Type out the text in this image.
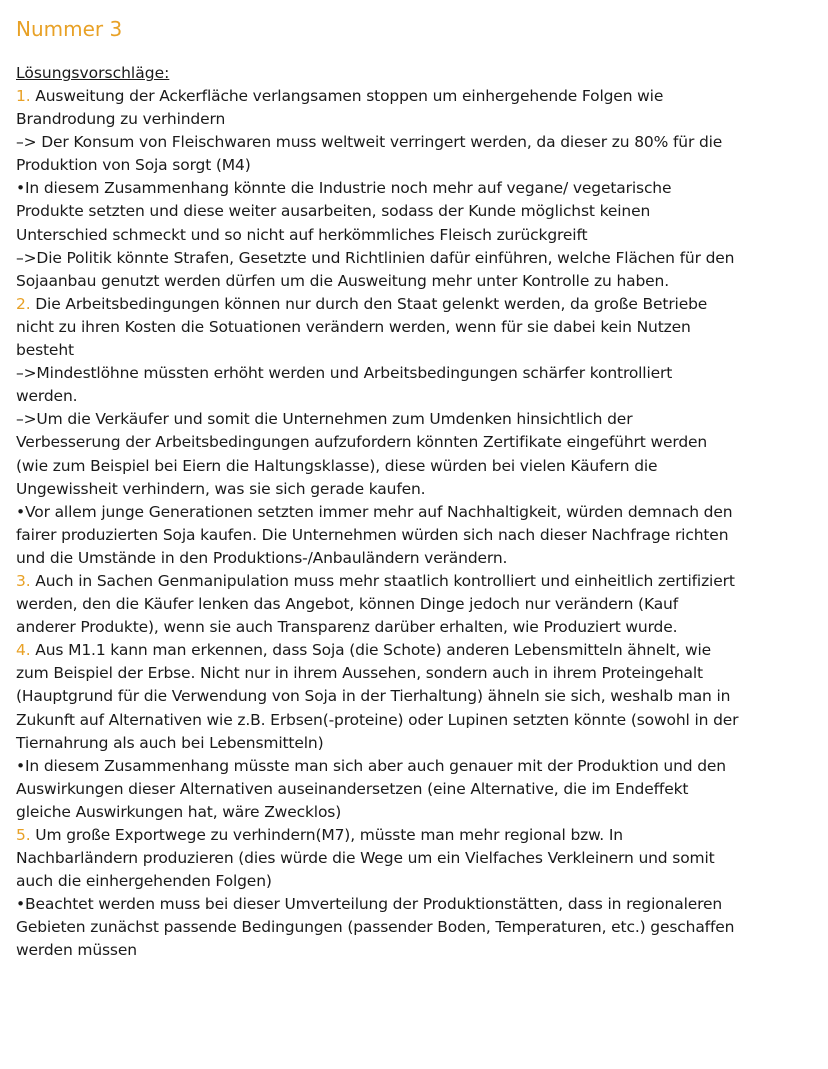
Nummer 3

Lösungsvorschläge:

1. Ausweitung der Ackerfläche verlangsamen stoppen um einhergehende Folgen wie

Brandrodung zu verhindern

–> Der Konsum von Fleischwaren muss weltweit verringert werden, da dieser zu 80% für die

Produktion von Soja sorgt (M4)

•In diesem Zusammenhang könnte die Industrie noch mehr auf vegane/ vegetarische

Produkte setzten und diese weiter ausarbeiten, sodass der Kunde möglichst keinen

Unterschied schmeckt und so nicht auf herkömmliches Fleisch zurückgreift

–>Die Politik könnte Strafen, Gesetzte und Richtlinien dafür einführen, welche Flächen für den

Sojaanbau genutzt werden dürfen um die Ausweitung mehr unter Kontrolle zu haben.

2. Die Arbeitsbedingungen können nur durch den Staat gelenkt werden, da große Betriebe

nicht zu ihren Kosten die Sotuationen verändern werden, wenn für sie dabei kein Nutzen

besteht

–>Mindestlöhne müssten erhöht werden und Arbeitsbedingungen schärfer kontrolliert

werden.

–>Um die Verkäufer und somit die Unternehmen zum Umdenken hinsichtlich der

Verbesserung der Arbeitsbedingungen aufzufordern könnten Zertifikate eingeführt werden

(wie zum Beispiel bei Eiern die Haltungsklasse), diese würden bei vielen Käufern die

Ungewissheit verhindern, was sie sich gerade kaufen.

•Vor allem junge Generationen setzten immer mehr auf Nachhaltigkeit, würden demnach den

fairer produzierten Soja kaufen. Die Unternehmen würden sich nach dieser Nachfrage richten

und die Umstände in den Produktions-/Anbauländern verändern.

3. Auch in Sachen Genmanipulation muss mehr staatlich kontrolliert und einheitlich zertifiziert

werden, den die Käufer lenken das Angebot, können Dinge jedoch nur verändern (Kauf

anderer Produkte), wenn sie auch Transparenz darüber erhalten, wie Produziert wurde.

4. Aus M1.1 kann man erkennen, dass Soja (die Schote) anderen Lebensmitteln ähnelt, wie

zum Beispiel der Erbse. Nicht nur in ihrem Aussehen, sondern auch in ihrem Proteingehalt

(Hauptgrund für die Verwendung von Soja in der Tierhaltung) ähneln sie sich, weshalb man in

Zukunft auf Alternativen wie z.B. Erbsen(-proteine) oder Lupinen setzten könnte (sowohl in der

Tiernahrung als auch bei Lebensmitteln)

•In diesem Zusammenhang müsste man sich aber auch genauer mit der Produktion und den

Auswirkungen dieser Alternativen auseinandersetzen (eine Alternative, die im Endeffekt

gleiche Auswirkungen hat, wäre Zwecklos)

5. Um große Exportwege zu verhindern(M7), müsste man mehr regional bzw. In

Nachbarländern produzieren (dies würde die Wege um ein Vielfaches Verkleinern und somit

auch die einhergehenden Folgen)

•Beachtet werden muss bei dieser Umverteilung der Produktionstätten, dass in regionaleren

Gebieten zunächst passende Bedingungen (passender Boden, Temperaturen, etc.) geschaffen

werden müssen
